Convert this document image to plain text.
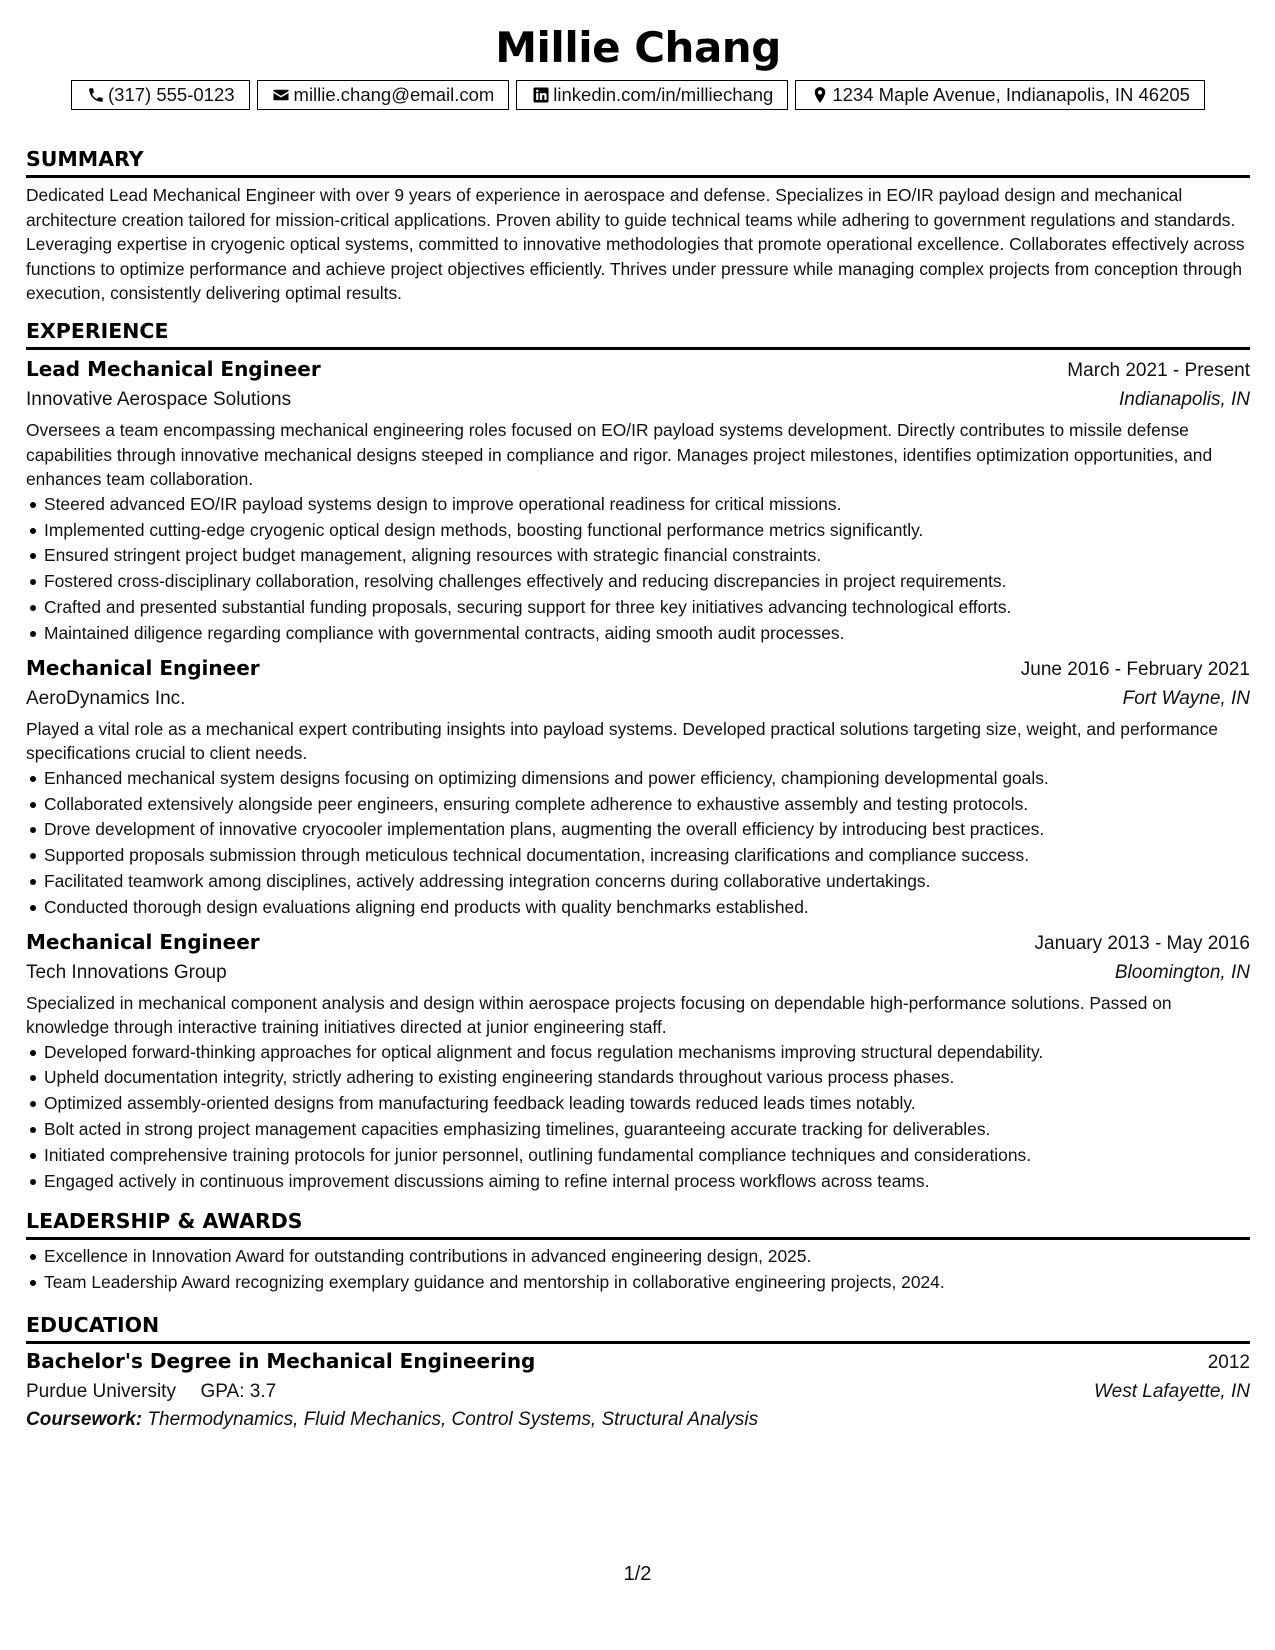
Millie Chang
(317) 555-0123	millie.chang@email.com	linkedin.com/in/milliechang	1234 Maple Avenue, Indianapolis, IN 46205
SUMMARY

Dedicated Lead Mechanical Engineer with over 9 years of experience in aerospace and defense. Specializes in EO/IR payload design and mechanical architecture creation tailored for mission-critical applications. Proven ability to guide technical teams while adhering to government regulations and standards. Leveraging expertise in cryogenic optical systems, committed to innovative methodologies that promote operational excellence. Collaborates effectively across functions to optimize performance and achieve project objectives efficiently. Thrives under pressure while managing complex projects from conception through execution, consistently delivering optimal results.

EXPERIENCE
Lead Mechanical Engineer	March 2021 - Present
Innovative Aerospace Solutions	Indianapolis, IN

Oversees a team encompassing mechanical engineering roles focused on EO/IR payload systems development. Directly contributes to missile defense capabilities through innovative mechanical designs steeped in compliance and rigor. Manages project milestones, identifies optimization opportunities, and enhances team collaboration.

Steered advanced EO/IR payload systems design to improve operational readiness for critical missions.
Implemented cutting-edge cryogenic optical design methods, boosting functional performance metrics significantly.
Ensured stringent project budget management, aligning resources with strategic financial constraints.
Fostered cross-disciplinary collaboration, resolving challenges effectively and reducing discrepancies in project requirements.
Crafted and presented substantial funding proposals, securing support for three key initiatives advancing technological efforts.
Maintained diligence regarding compliance with governmental contracts, aiding smooth audit processes.
Mechanical Engineer	June 2016 - February 2021
AeroDynamics Inc.	Fort Wayne, IN

Played a vital role as a mechanical expert contributing insights into payload systems. Developed practical solutions targeting size, weight, and performance specifications crucial to client needs.

Enhanced mechanical system designs focusing on optimizing dimensions and power efficiency, championing developmental goals.
Collaborated extensively alongside peer engineers, ensuring complete adherence to exhaustive assembly and testing protocols.
Drove development of innovative cryocooler implementation plans, augmenting the overall efficiency by introducing best practices.
Supported proposals submission through meticulous technical documentation, increasing clarifications and compliance success.
Facilitated teamwork among disciplines, actively addressing integration concerns during collaborative undertakings.
Conducted thorough design evaluations aligning end products with quality benchmarks established.
Mechanical Engineer	January 2013 - May 2016
Tech Innovations Group	Bloomington, IN

Specialized in mechanical component analysis and design within aerospace projects focusing on dependable high-performance solutions. Passed on knowledge through interactive training initiatives directed at junior engineering staff.

Developed forward-thinking approaches for optical alignment and focus regulation mechanisms improving structural dependability.
Upheld documentation integrity, strictly adhering to existing engineering standards throughout various process phases.
Optimized assembly-oriented designs from manufacturing feedback leading towards reduced leads times notably.
Bolt acted in strong project management capacities emphasizing timelines, guaranteeing accurate tracking for deliverables.
Initiated comprehensive training protocols for junior personnel, outlining fundamental compliance techniques and considerations.
Engaged actively in continuous improvement discussions aiming to refine internal process workflows across teams.
LEADERSHIP & AWARDS
Excellence in Innovation Award for outstanding contributions in advanced engineering design, 2025.
Team Leadership Award recognizing exemplary guidance and mentorship in collaborative engineering projects, 2024.
EDUCATION
Bachelor's Degree in Mechanical Engineering	2012
Purdue University GPA: 3.7	West Lafayette, IN
Coursework: Thermodynamics, Fluid Mechanics, Control Systems, Structural Analysis
1/2
